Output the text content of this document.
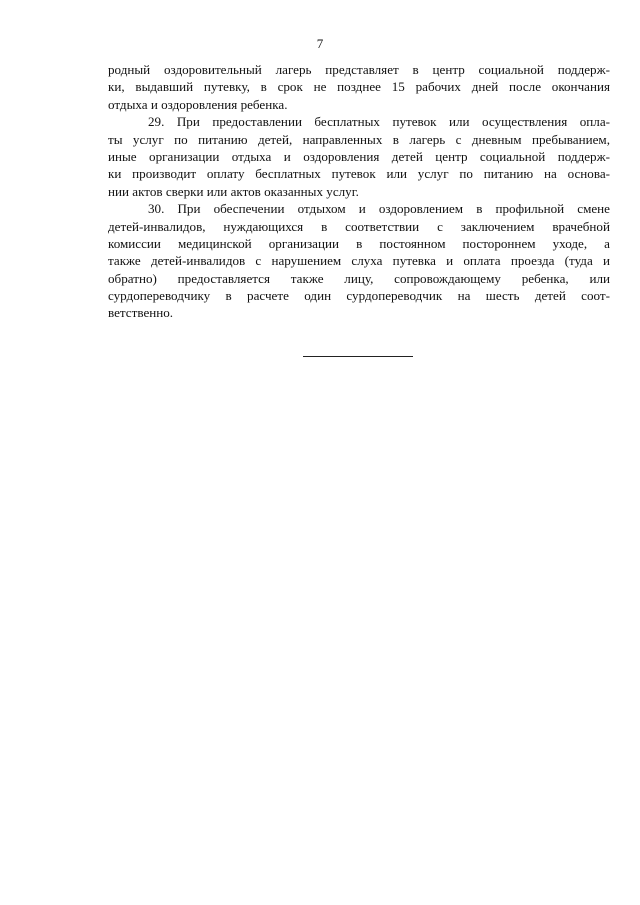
7
родный оздоровительный лагерь представляет в центр социальной поддерж-
ки, выдавший путевку, в срок не позднее 15 рабочих дней после окончания
отдыха и оздоровления ребенка.
29. При предоставлении бесплатных путевок или осуществления опла-
ты услуг по питанию детей, направленных в лагерь с дневным пребыванием,
иные организации отдыха и оздоровления детей центр социальной поддерж-
ки производит оплату бесплатных путевок или услуг по питанию на основа-
нии актов сверки или актов оказанных услуг.
30. При обеспечении отдыхом и оздоровлением в профильной смене
детей-инвалидов, нуждающихся в соответствии с заключением врачебной
комиссии медицинской организации в постоянном постороннем уходе, а
также детей-инвалидов с нарушением слуха путевка и оплата проезда (туда и
обратно) предоставляется также лицу, сопровождающему ребенка, или
сурдопереводчику в расчете один сурдопереводчик на шесть детей соот-
ветственно.
